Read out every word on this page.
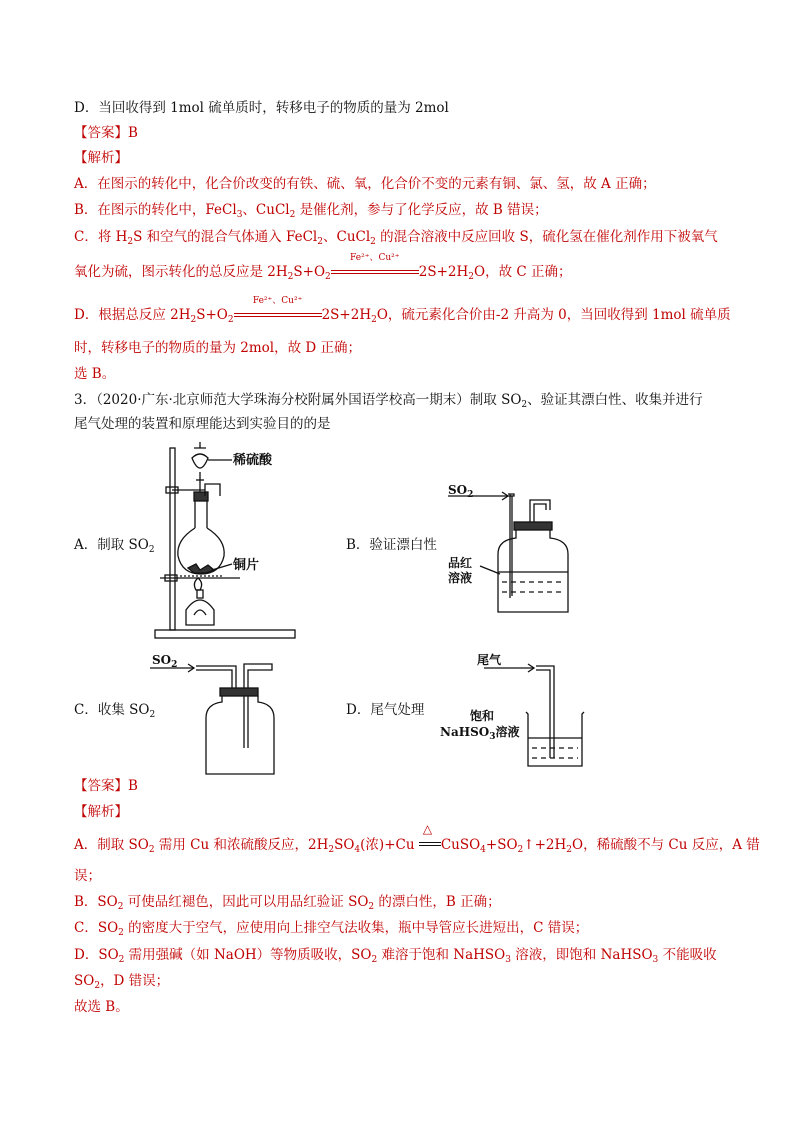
D．当回收得到 1mol 硫单质时，转移电子的物质的量为 2mol
【答案】B
【解析】
A．在图示的转化中，化合价改变的有铁、硫、氧，化合价不变的元素有铜、氯、氢，故 A 正确；
B．在图示的转化中，FeCl$_3$、CuCl$_2$ 是催化剂，参与了化学反应，故 B 错误；
C．将 $H_2S$ 和空气的混合气体通入 FeCl$_2$、CuCl$_2$ 的混合溶液中反应回收 S，硫化氢在催化剂作用下被氧气
氧化为硫，图示转化的总反应是 $2H_2S+O_2$
Fe²⁺、Cu²⁺
$2S+2H_2O$，故 C 正确；
D．根据总反应 $2H_2S+O_2$
Fe²⁺、Cu²⁺
$2S+2H_2O$，硫元素化合价由-2 升高为 0，当回收得到 1mol 硫单质
时，转移电子的物质的量为 2mol，故 D 正确；
选 B。
3．（2020·广东·北京师范大学珠海分校附属外国语学校高一期末）制取 $SO_2$、验证其漂白性、收集并进行
尾气处理的装置和原理能达到实验目的的是
A．制取 $SO_2$	B．验证漂白性
C．收集 $SO_2$	D．尾气处理
稀硫酸
铜片
$SO_2$
品红
溶液
$SO_2$	尾气
饱和
NaHSO$_3$溶液
【答案】B
【解析】
A．制取 $SO_2$ 需用 Cu 和浓硫酸反应，$2H_2SO_4$(浓)+Cu
△
$CuSO_4+SO_2↑+2H_2O$，稀硫酸不与 Cu 反应，A 错
误；
B．$SO_2$ 可使品红褪色，因此可以用品红验证 $SO_2$ 的漂白性，B 正确；
C．$SO_2$ 的密度大于空气，应使用向上排空气法收集，瓶中导管应长进短出，C 错误；
D．$SO_2$ 需用强碱（如 NaOH）等物质吸收，$SO_2$ 难溶于饱和 NaHSO$_3$ 溶液，即饱和 NaHSO$_3$ 不能吸收
$SO_2$，D 错误；
故选 B。
